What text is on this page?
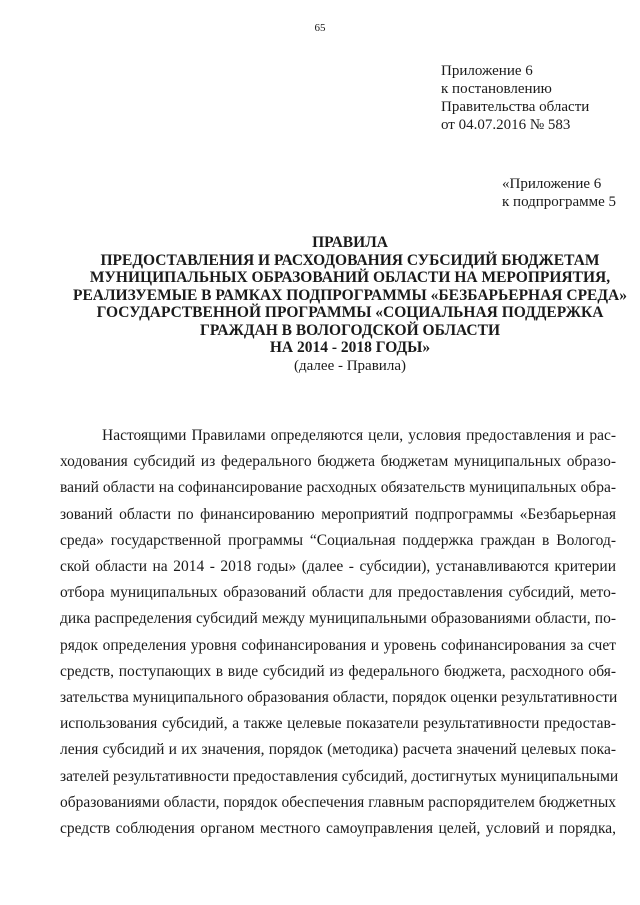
65
Приложение 6
к постановлению
Правительства области
от 04.07.2016 № 583
«Приложение 6
к подпрограмме 5
ПРАВИЛА
ПРЕДОСТАВЛЕНИЯ И РАСХОДОВАНИЯ СУБСИДИЙ БЮДЖЕТАМ
МУНИЦИПАЛЬНЫХ ОБРАЗОВАНИЙ ОБЛАСТИ НА МЕРОПРИЯТИЯ,
РЕАЛИЗУЕМЫЕ В РАМКАХ ПОДПРОГРАММЫ «БЕЗБАРЬЕРНАЯ СРЕДА»
ГОСУДАРСТВЕННОЙ ПРОГРАММЫ «СОЦИАЛЬНАЯ ПОДДЕРЖКА
ГРАЖДАН В ВОЛОГОДСКОЙ ОБЛАСТИ
НА 2014 - 2018 ГОДЫ»
(далее - Правила)
Настоящими Правилами определяются цели, условия предоставления и рас-
ходования субсидий из федерального бюджета бюджетам муниципальных образо-
ваний области на софинансирование расходных обязательств муниципальных обра-
зований области по финансированию мероприятий подпрограммы «Безбарьерная
среда» государственной программы “Социальная поддержка граждан в Вологод-
ской области на 2014 - 2018 годы» (далее - субсидии), устанавливаются критерии
отбора муниципальных образований области для предоставления субсидий, мето-
дика распределения субсидий между муниципальными образованиями области, по-
рядок определения уровня софинансирования и уровень софинансирования за счет
средств, поступающих в виде субсидий из федерального бюджета, расходного обя-
зательства муниципального образования области, порядок оценки результативности
использования субсидий, а также целевые показатели результативности предостав-
ления субсидий и их значения, порядок (методика) расчета значений целевых пока-
зателей результативности предоставления субсидий, достигнутых муниципальными
образованиями области, порядок обеспечения главным распорядителем бюджетных
средств соблюдения органом местного самоуправления целей, условий и порядка,
